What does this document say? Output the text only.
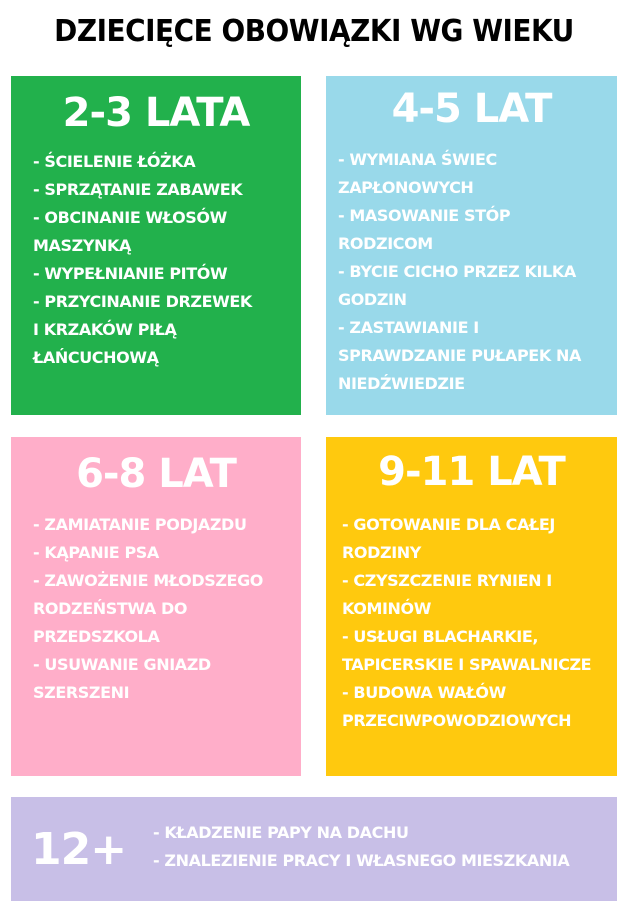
DZIECIĘCE OBOWIĄZKI WG WIEKU
2-3 LATA
- ŚCIELENIE ŁÓŻKA
- SPRZĄTANIE ZABAWEK
- OBCINANIE WŁOSÓW
MASZYNKĄ
- WYPEŁNIANIE PITÓW
- PRZYCINANIE DRZEWEK
I KRZAKÓW PIŁĄ
ŁAŃCUCHOWĄ
4-5 LAT
- WYMIANA ŚWIEC
ZAPŁONOWYCH
- MASOWANIE STÓP
RODZICOM
- BYCIE CICHO PRZEZ KILKA
GODZIN
- ZASTAWIANIE I
SPRAWDZANIE PUŁAPEK NA
NIEDŹWIEDZIE
6-8 LAT
- ZAMIATANIE PODJAZDU
- KĄPANIE PSA
- ZAWOŻENIE MŁODSZEGO
RODZEŃSTWA DO
PRZEDSZKOLA
- USUWANIE GNIAZD
SZERSZENI
9-11 LAT
- GOTOWANIE DLA CAŁEJ
RODZINY
- CZYSZCZENIE RYNIEN I
KOMINÓW
- USŁUGI BLACHARKIE,
TAPICERSKIE I SPAWALNICZE
- BUDOWA WAŁÓW
PRZECIWPOWODZIOWYCH
12+ - KŁADZENIE PAPY NA DACHU
- ZNALEZIENIE PRACY I WŁASNEGO MIESZKANIA
